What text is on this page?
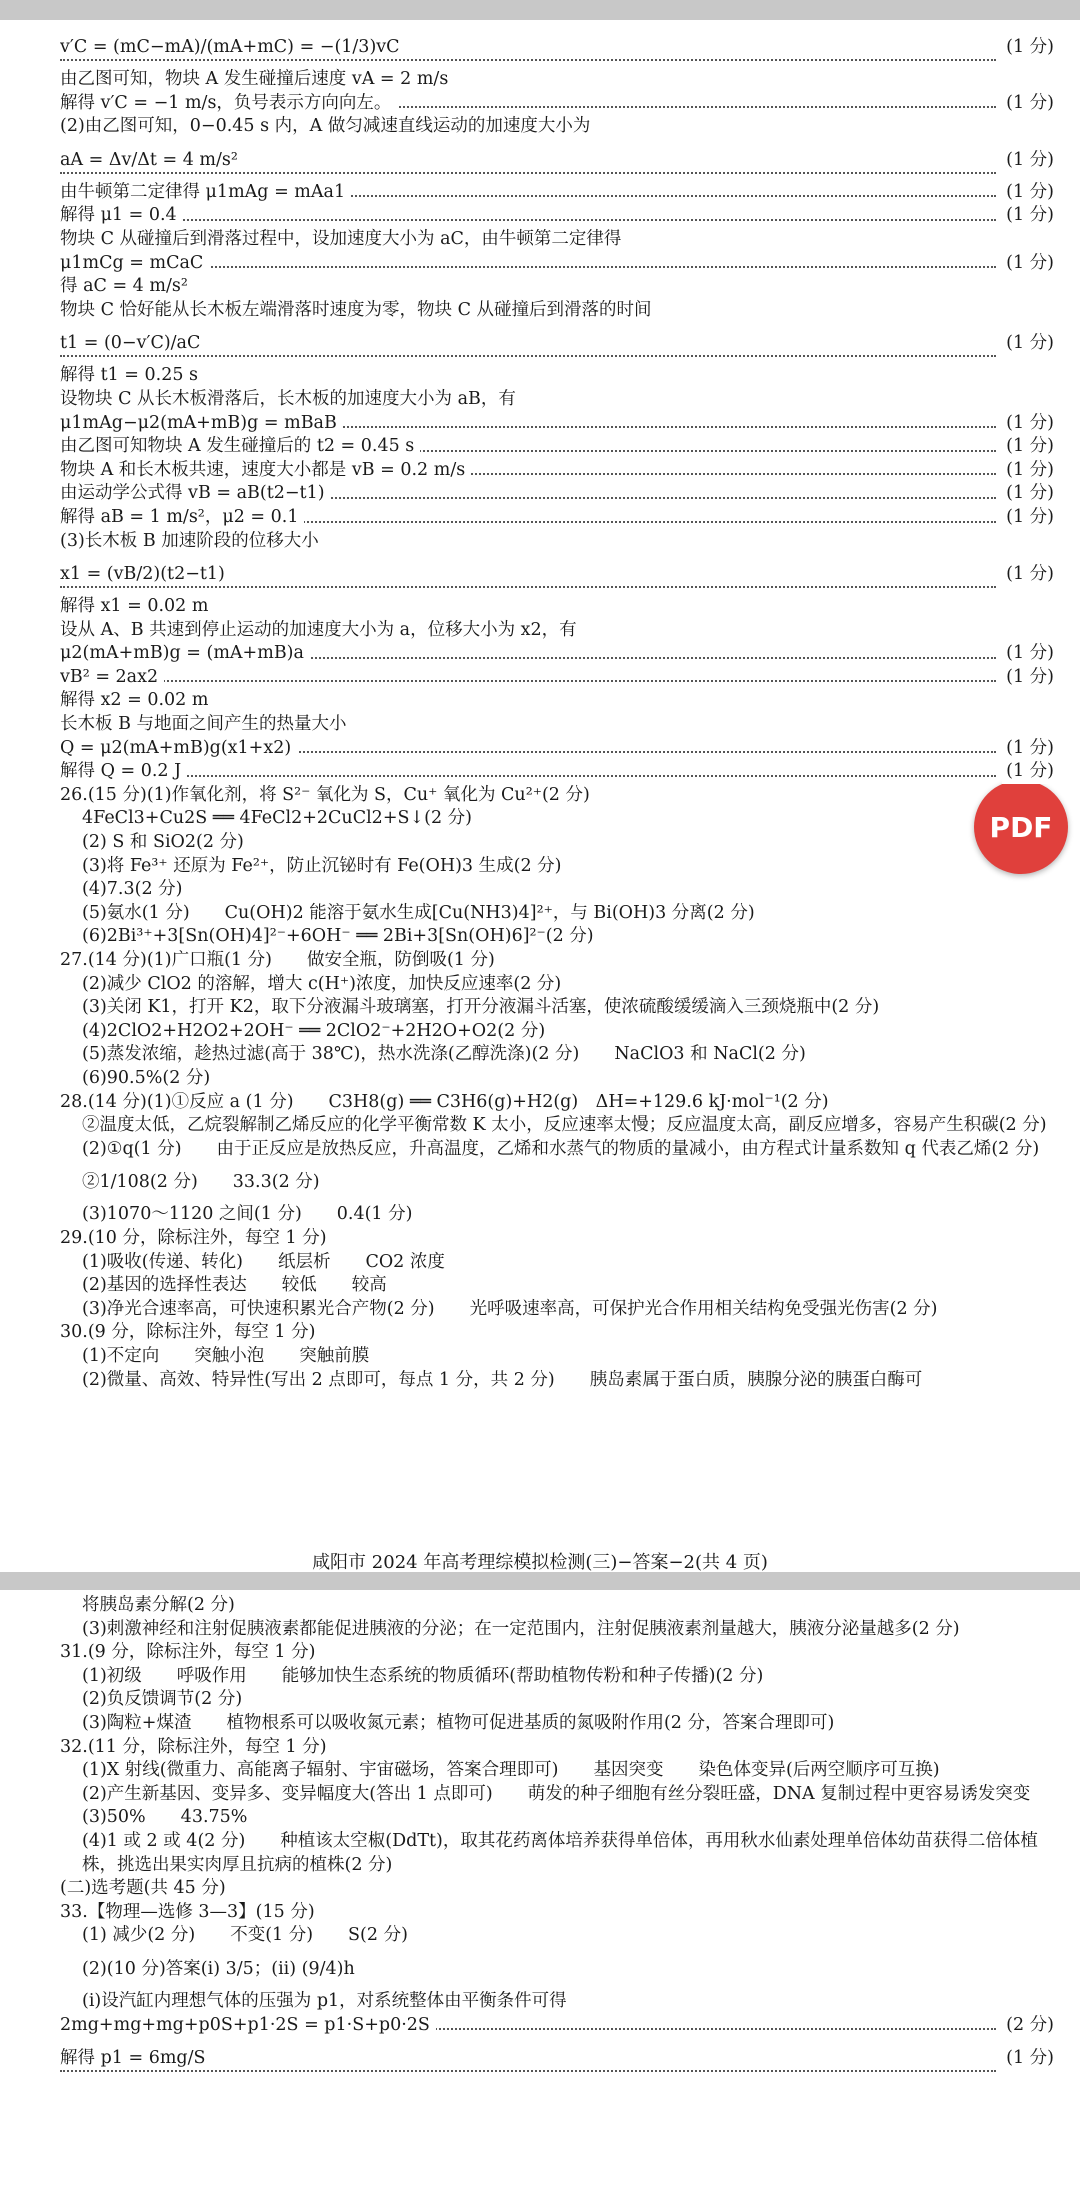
v′C = (mC−mA)/(mA+mC) = −(1/3)vC	(1 分)
由乙图可知，物块 A 发生碰撞后速度 vA = 2 m/s
解得 v′C = −1 m/s，负号表示方向向左。	(1 分)
(2)由乙图可知，0−0.45 s 内，A 做匀减速直线运动的加速度大小为
aA = Δv/Δt = 4 m/s²	(1 分)
由牛顿第二定律得 μ1mAg = mAa1	(1 分)
解得 μ1 = 0.4	(1 分)
物块 C 从碰撞后到滑落过程中，设加速度大小为 aC，由牛顿第二定律得
μ1mCg = mCaC	(1 分)
得 aC = 4 m/s²
物块 C 恰好能从长木板左端滑落时速度为零，物块 C 从碰撞后到滑落的时间
t1 = (0−v′C)/aC	(1 分)
解得 t1 = 0.25 s
设物块 C 从长木板滑落后，长木板的加速度大小为 aB，有
μ1mAg−μ2(mA+mB)g = mBaB	(1 分)
由乙图可知物块 A 发生碰撞后的 t2 = 0.45 s	(1 分)
物块 A 和长木板共速，速度大小都是 vB = 0.2 m/s	(1 分)
由运动学公式得 vB = aB(t2−t1)	(1 分)
解得 aB = 1 m/s²，μ2 = 0.1	(1 分)
(3)长木板 B 加速阶段的位移大小
x1 = (vB/2)(t2−t1)	(1 分)
解得 x1 = 0.02 m
设从 A、B 共速到停止运动的加速度大小为 a，位移大小为 x2，有
μ2(mA+mB)g = (mA+mB)a	(1 分)
vB² = 2ax2	(1 分)
解得 x2 = 0.02 m
长木板 B 与地面之间产生的热量大小
Q = μ2(mA+mB)g(x1+x2)	(1 分)
解得 Q = 0.2 J	(1 分)
26.(15 分)(1)作氧化剂，将 S²⁻ 氧化为 S，Cu⁺ 氧化为 Cu²⁺(2 分)
4FeCl3+Cu2S ══ 4FeCl2+2CuCl2+S↓(2 分)
(2) S 和 SiO2(2 分)
(3)将 Fe³⁺ 还原为 Fe²⁺，防止沉铋时有 Fe(OH)3 生成(2 分)
(4)7.3(2 分)
(5)氨水(1 分)　　Cu(OH)2 能溶于氨水生成[Cu(NH3)4]²⁺，与 Bi(OH)3 分离(2 分)
(6)2Bi³⁺+3[Sn(OH)4]²⁻+6OH⁻ ══ 2Bi+3[Sn(OH)6]²⁻(2 分)
27.(14 分)(1)广口瓶(1 分)　　做安全瓶，防倒吸(1 分)
(2)减少 ClO2 的溶解，增大 c(H⁺)浓度，加快反应速率(2 分)
(3)关闭 K1，打开 K2，取下分液漏斗玻璃塞，打开分液漏斗活塞，使浓硫酸缓缓滴入三颈烧瓶中(2 分)
(4)2ClO2+H2O2+2OH⁻ ══ 2ClO2⁻+2H2O+O2(2 分)
(5)蒸发浓缩，趁热过滤(高于 38℃)，热水洗涤(乙醇洗涤)(2 分)　　NaClO3 和 NaCl(2 分)
(6)90.5%(2 分)
28.(14 分)(1)①反应 a (1 分)　　C3H8(g) ══ C3H6(g)+H2(g)　ΔH=+129.6 kJ·mol⁻¹(2 分)
②温度太低，乙烷裂解制乙烯反应的化学平衡常数 K 太小，反应速率太慢；反应温度太高，副反应增多，容易产生积碳(2 分)
(2)①q(1 分)　　由于正反应是放热反应，升高温度，乙烯和水蒸气的物质的量减小，由方程式计量系数知 q 代表乙烯(2 分)
②1/108(2 分)　　33.3(2 分)
(3)1070～1120 之间(1 分)　　0.4(1 分)
29.(10 分，除标注外，每空 1 分)
(1)吸收(传递、转化)　　纸层析　　CO2 浓度
(2)基因的选择性表达　　较低　　较高
(3)净光合速率高，可快速积累光合产物(2 分)　　光呼吸速率高，可保护光合作用相关结构免受强光伤害(2 分)
30.(9 分，除标注外，每空 1 分)
(1)不定向　　突触小泡　　突触前膜
(2)微量、高效、特异性(写出 2 点即可，每点 1 分，共 2 分)　　胰岛素属于蛋白质，胰腺分泌的胰蛋白酶可
咸阳市 2024 年高考理综模拟检测(三)−答案−2(共 4 页)
将胰岛素分解(2 分)
(3)刺激神经和注射促胰液素都能促进胰液的分泌；在一定范围内，注射促胰液素剂量越大，胰液分泌量越多(2 分)
31.(9 分，除标注外，每空 1 分)
(1)初级　　呼吸作用　　能够加快生态系统的物质循环(帮助植物传粉和种子传播)(2 分)
(2)负反馈调节(2 分)
(3)陶粒+煤渣　　植物根系可以吸收氮元素；植物可促进基质的氮吸附作用(2 分，答案合理即可)
32.(11 分，除标注外，每空 1 分)
(1)X 射线(微重力、高能离子辐射、宇宙磁场，答案合理即可)　　基因突变　　染色体变异(后两空顺序可互换)
(2)产生新基因、变异多、变异幅度大(答出 1 点即可)　　萌发的种子细胞有丝分裂旺盛，DNA 复制过程中更容易诱发突变
(3)50%　　43.75%
(4)1 或 2 或 4(2 分)　　种植该太空椒(DdTt)，取其花药离体培养获得单倍体，再用秋水仙素处理单倍体幼苗获得二倍体植株，挑选出果实肉厚且抗病的植株(2 分)
(二)选考题(共 45 分)
33.【物理—选修 3—3】(15 分)
(1) 减少(2 分)　　不变(1 分)　　S(2 分)
(2)(10 分)答案(i) 3/5；(ii) (9/4)h
(i)设汽缸内理想气体的压强为 p1，对系统整体由平衡条件可得
2mg+mg+mg+p0S+p1·2S = p1·S+p0·2S	(2 分)
解得 p1 = 6mg/S	(1 分)
PDF
